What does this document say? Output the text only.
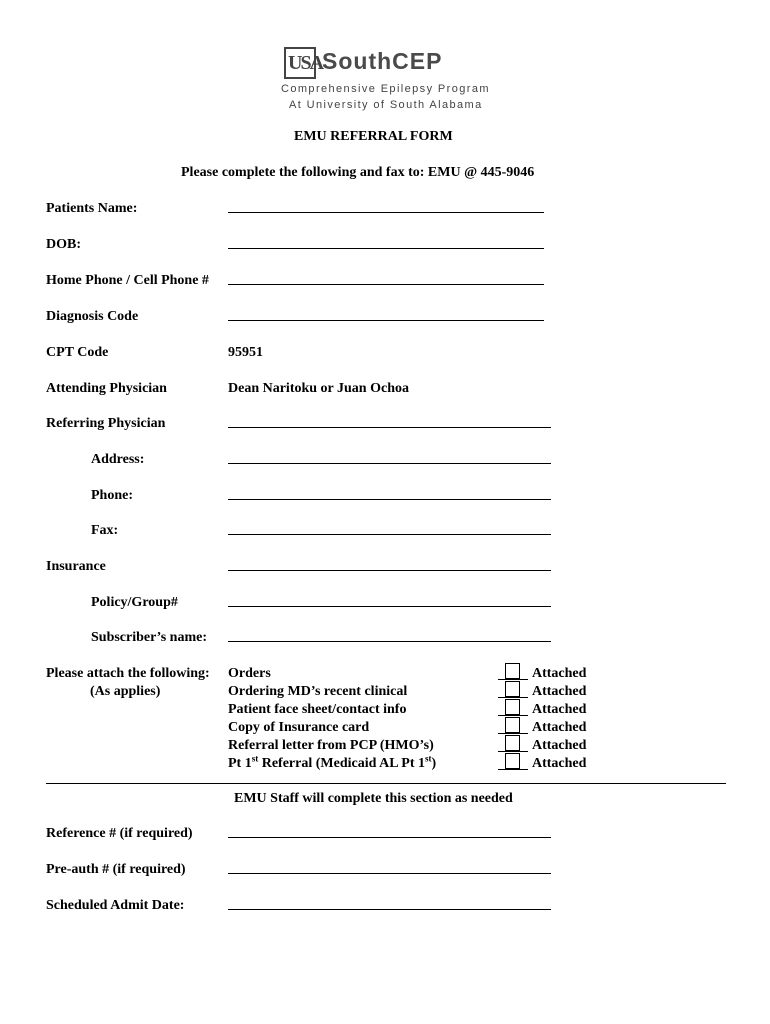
USA SouthCEP
Comprehensive Epilepsy Program
At University of South Alabama
EMU REFERRAL FORM
Please complete the following and fax to: EMU @ 445-9046
Patients Name:
DOB:
Home Phone / Cell Phone #
Diagnosis Code
CPT Code	95951
Attending Physician	Dean Naritoku or Juan Ochoa
Referring Physician
Address:
Phone:
Fax:
Insurance
Policy/Group#
Subscriber’s name:
Please attach the following:
(As applies)
Orders
Ordering MD’s recent clinical
Patient face sheet/contact info
Copy of Insurance card
Referral letter from PCP (HMO’s)
Pt 1st Referral (Medicaid AL Pt 1st)
Attached
Attached
Attached
Attached
Attached
Attached
EMU Staff will complete this section as needed
Reference # (if required)
Pre-auth # (if required)
Scheduled Admit Date:
